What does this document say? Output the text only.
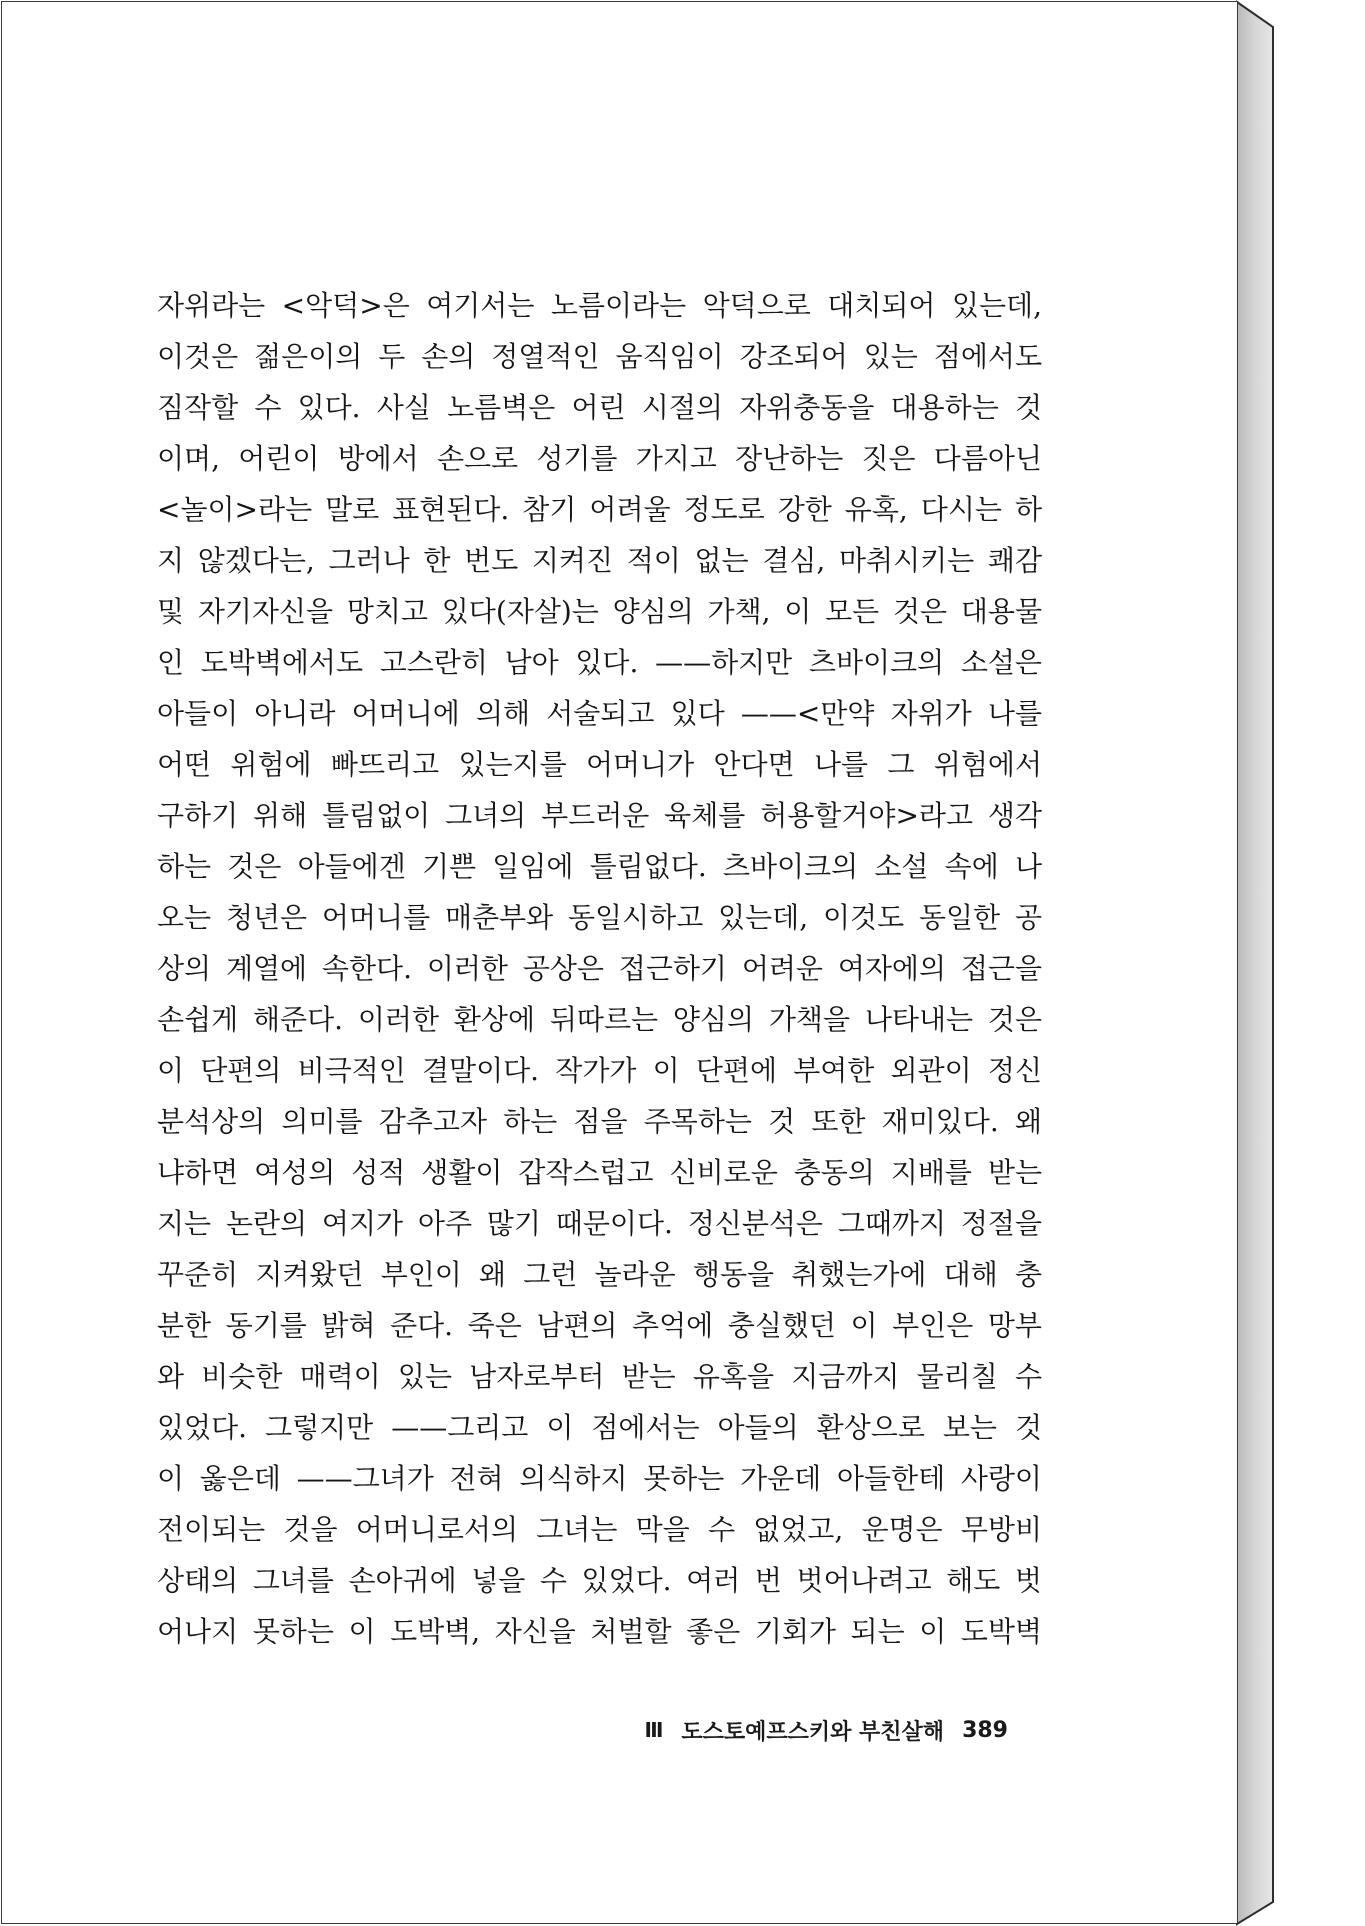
자위라는 <악덕>은 여기서는 노름이라는 악덕으로 대치되어 있는데,
이것은 젊은이의 두 손의 정열적인 움직임이 강조되어 있는 점에서도
짐작할 수 있다. 사실 노름벽은 어린 시절의 자위충동을 대용하는 것
이며, 어린이 방에서 손으로 성기를 가지고 장난하는 짓은 다름아닌
<놀이>라는 말로 표현된다. 참기 어려울 정도로 강한 유혹, 다시는 하
지 않겠다는, 그러나 한 번도 지켜진 적이 없는 결심, 마취시키는 쾌감
및 자기자신을 망치고 있다(자살)는 양심의 가책, 이 모든 것은 대용물
인 도박벽에서도 고스란히 남아 있다. ——하지만 츠바이크의 소설은
아들이 아니라 어머니에 의해 서술되고 있다 ——<만약 자위가 나를
어떤 위험에 빠뜨리고 있는지를 어머니가 안다면 나를 그 위험에서
구하기 위해 틀림없이 그녀의 부드러운 육체를 허용할거야>라고 생각
하는 것은 아들에겐 기쁜 일임에 틀림없다. 츠바이크의 소설 속에 나
오는 청년은 어머니를 매춘부와 동일시하고 있는데, 이것도 동일한 공
상의 계열에 속한다. 이러한 공상은 접근하기 어려운 여자에의 접근을
손쉽게 해준다. 이러한 환상에 뒤따르는 양심의 가책을 나타내는 것은
이 단편의 비극적인 결말이다. 작가가 이 단편에 부여한 외관이 정신
분석상의 의미를 감추고자 하는 점을 주목하는 것 또한 재미있다. 왜
냐하면 여성의 성적 생활이 갑작스럽고 신비로운 충동의 지배를 받는
지는 논란의 여지가 아주 많기 때문이다. 정신분석은 그때까지 정절을
꾸준히 지켜왔던 부인이 왜 그런 놀라운 행동을 취했는가에 대해 충
분한 동기를 밝혀 준다. 죽은 남편의 추억에 충실했던 이 부인은 망부
와 비슷한 매력이 있는 남자로부터 받는 유혹을 지금까지 물리칠 수
있었다. 그렇지만 ——그리고 이 점에서는 아들의 환상으로 보는 것
이 옳은데 ——그녀가 전혀 의식하지 못하는 가운데 아들한테 사랑이
전이되는 것을 어머니로서의 그녀는 막을 수 없었고, 운명은 무방비
상태의 그녀를 손아귀에 넣을 수 있었다. 여러 번 벗어나려고 해도 벗
어나지 못하는 이 도박벽, 자신을 처벌할 좋은 기회가 되는 이 도박벽
Ⅲ 도스토예프스키와 부친살해 389
